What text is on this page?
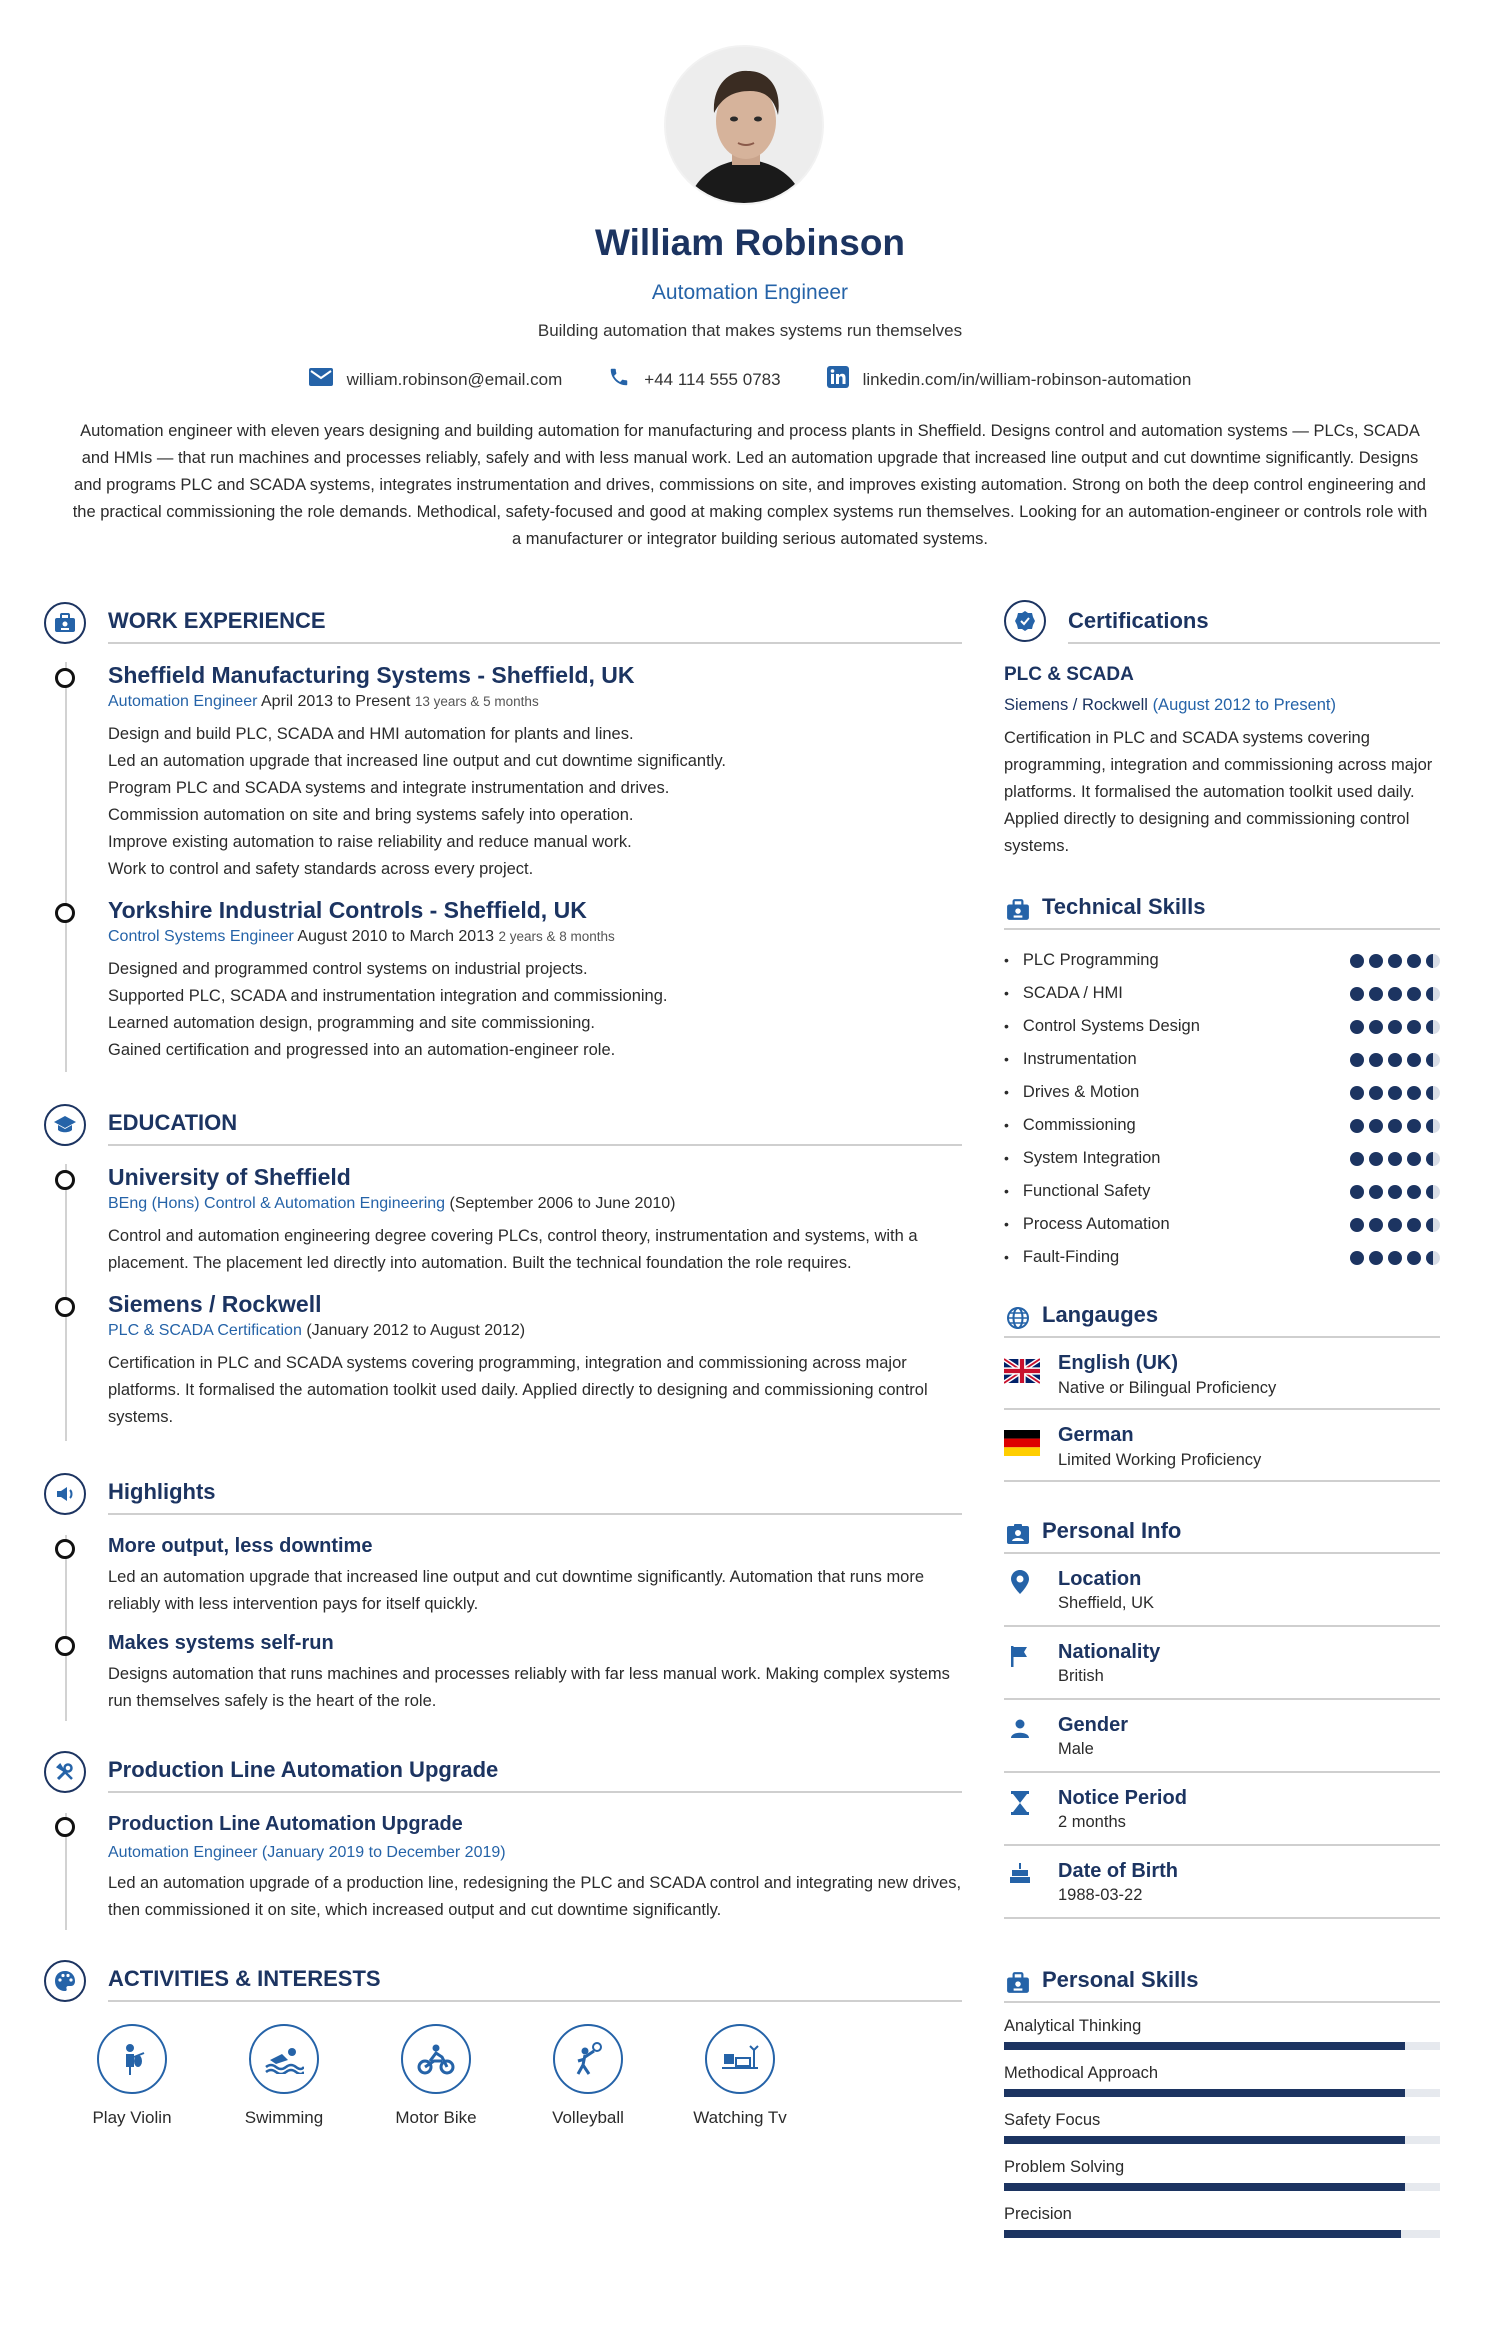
William Robinson
Automation Engineer
Building automation that makes systems run themselves
william.robinson@email.com	+44 114 555 0783	linkedin.com/in/william-robinson-automation
Automation engineer with eleven years designing and building automation for manufacturing and process plants in Sheffield. Designs control and automation systems — PLCs, SCADA and HMIs — that run machines and processes reliably, safely and with less manual work. Led an automation upgrade that increased line output and cut downtime significantly. Designs and programs PLC and SCADA systems, integrates instrumentation and drives, commissions on site, and improves existing automation. Strong on both the deep control engineering and the practical commissioning the role demands. Methodical, safety-focused and good at making complex systems run themselves. Looking for an automation-engineer or controls role with a manufacturer or integrator building serious automated systems.
WORK EXPERIENCE
Sheffield Manufacturing Systems - Sheffield, UK
Automation Engineer April 2013 to Present 13 years & 5 months
Design and build PLC, SCADA and HMI automation for plants and lines.
Led an automation upgrade that increased line output and cut downtime significantly.
Program PLC and SCADA systems and integrate instrumentation and drives.
Commission automation on site and bring systems safely into operation.
Improve existing automation to raise reliability and reduce manual work.
Work to control and safety standards across every project.
Yorkshire Industrial Controls - Sheffield, UK
Control Systems Engineer August 2010 to March 2013 2 years & 8 months
Designed and programmed control systems on industrial projects.
Supported PLC, SCADA and instrumentation integration and commissioning.
Learned automation design, programming and site commissioning.
Gained certification and progressed into an automation-engineer role.
EDUCATION
University of Sheffield
BEng (Hons) Control & Automation Engineering (September 2006 to June 2010)
Control and automation engineering degree covering PLCs, control theory, instrumentation and systems, with a placement. The placement led directly into automation. Built the technical foundation the role requires.
Siemens / Rockwell
PLC & SCADA Certification (January 2012 to August 2012)
Certification in PLC and SCADA systems covering programming, integration and commissioning across major platforms. It formalised the automation toolkit used daily. Applied directly to designing and commissioning control systems.
Highlights
More output, less downtime
Led an automation upgrade that increased line output and cut downtime significantly. Automation that runs more reliably with less intervention pays for itself quickly.
Makes systems self-run
Designs automation that runs machines and processes reliably with far less manual work. Making complex systems run themselves safely is the heart of the role.
Production Line Automation Upgrade
Production Line Automation Upgrade
Automation Engineer (January 2019 to December 2019)
Led an automation upgrade of a production line, redesigning the PLC and SCADA control and integrating new drives, then commissioned it on site, which increased output and cut downtime significantly.
ACTIVITIES & INTERESTS
Play Violin	Swimming	Motor Bike	Volleyball	Watching Tv
Certifications
PLC & SCADA
Siemens / Rockwell (August 2012 to Present)
Certification in PLC and SCADA systems covering programming, integration and commissioning across major platforms. It formalised the automation toolkit used daily. Applied directly to designing and commissioning control systems.
Technical Skills
• PLC Programming
• SCADA / HMI
• Control Systems Design
• Instrumentation
• Drives & Motion
• Commissioning
• System Integration
• Functional Safety
• Process Automation
• Fault-Finding
Langauges
English (UK)
Native or Bilingual Proficiency
German
Limited Working Proficiency
Personal Info
Location
Sheffield, UK
Nationality
British
Gender
Male
Notice Period
2 months
Date of Birth
1988-03-22
Personal Skills
Analytical Thinking
Methodical Approach
Safety Focus
Problem Solving
Precision
